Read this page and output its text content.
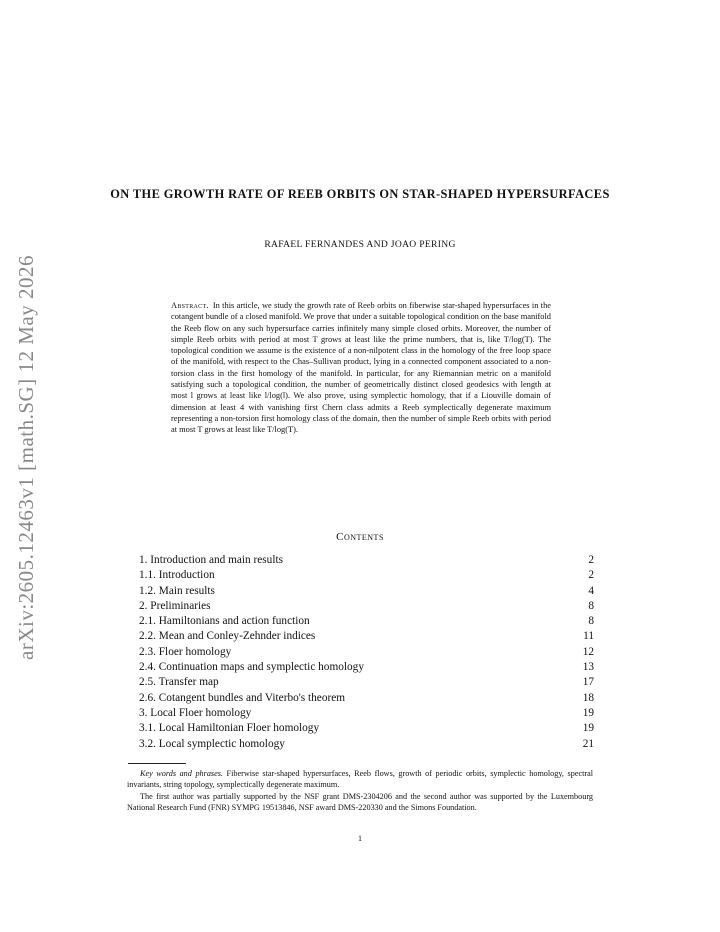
arXiv:2605.12463v1 [math.SG] 12 May 2026
ON THE GROWTH RATE OF REEB ORBITS ON STAR-SHAPED HYPERSURFACES
RAFAEL FERNANDES AND JOAO PERING
Abstract. In this article, we study the growth rate of Reeb orbits on fiberwise star-shaped hypersurfaces in the cotangent bundle of a closed manifold. We prove that under a suitable topological condition on the base manifold the Reeb flow on any such hypersurface carries infinitely many simple closed orbits. Moreover, the number of simple Reeb orbits with period at most T grows at least like the prime numbers, that is, like T/log(T). The topological condition we assume is the existence of a non-nilpotent class in the homology of the free loop space of the manifold, with respect to the Chas–Sullivan product, lying in a connected component associated to a non-torsion class in the first homology of the manifold. In particular, for any Riemannian metric on a manifold satisfying such a topological condition, the number of geometrically distinct closed geodesics with length at most l grows at least like l/log(l). We also prove, using symplectic homology, that if a Liouville domain of dimension at least 4 with vanishing first Chern class admits a Reeb symplectically degenerate maximum representing a non-torsion first homology class of the domain, then the number of simple Reeb orbits with period at most T grows at least like T/log(T).
Contents
1. Introduction and main results	2
1.1. Introduction	2
1.2. Main results	4
2. Preliminaries	8
2.1. Hamiltonians and action function	8
2.2. Mean and Conley-Zehnder indices	11
2.3. Floer homology	12
2.4. Continuation maps and symplectic homology	13
2.5. Transfer map	17
2.6. Cotangent bundles and Viterbo's theorem	18
3. Local Floer homology	19
3.1. Local Hamiltonian Floer homology	19
3.2. Local symplectic homology	21

Key words and phrases. Fiberwise star-shaped hypersurfaces, Reeb flows, growth of periodic orbits, symplectic homology, spectral invariants, string topology, symplectically degenerate maximum.

The first author was partially supported by the NSF grant DMS-2304206 and the second author was supported by the Luxembourg National Research Fund (FNR) SYMPG 19513846, NSF award DMS-220330 and the Simons Foundation.

1
